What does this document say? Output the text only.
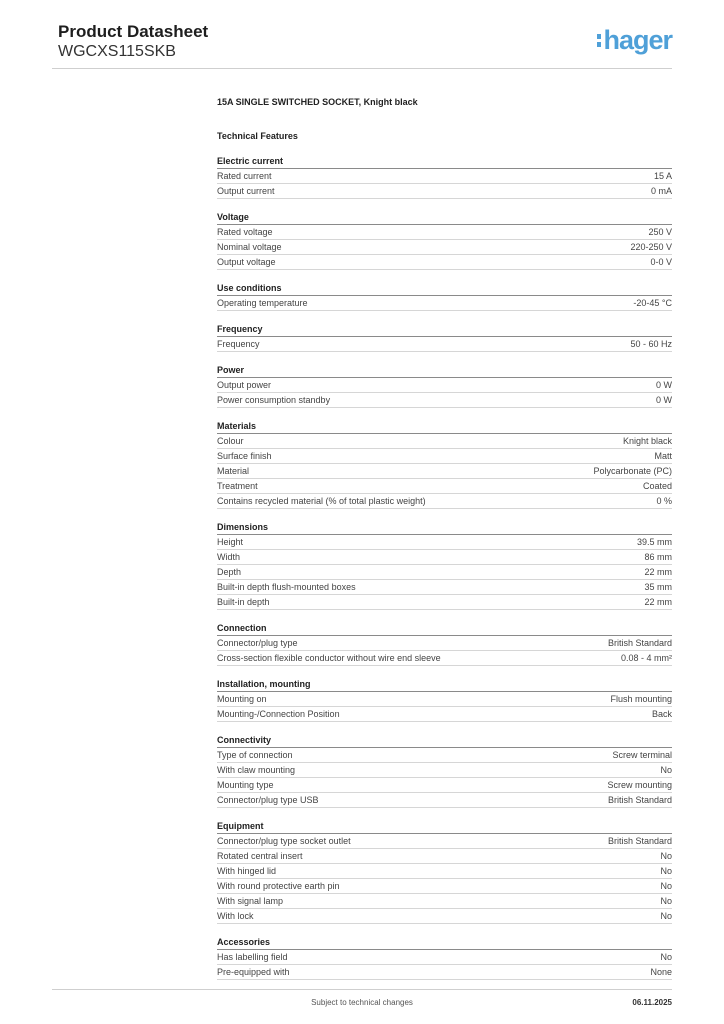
Product Datasheet
WGCXS115SKB	hager
15A SINGLE SWITCHED SOCKET, Knight black
Technical Features
Electric current
Rated current	15 A
Output current	0 mA
Voltage
Rated voltage	250 V
Nominal voltage	220-250 V
Output voltage	0-0 V
Use conditions
Operating temperature	-20-45 °C
Frequency
Frequency	50 - 60 Hz
Power
Output power	0 W
Power consumption standby	0 W
Materials
Colour	Knight black
Surface finish	Matt
Material	Polycarbonate (PC)
Treatment	Coated
Contains recycled material (% of total plastic weight)	0 %
Dimensions
Height	39.5 mm
Width	86 mm
Depth	22 mm
Built-in depth flush-mounted boxes	35 mm
Built-in depth	22 mm
Connection
Connector/plug type	British Standard
Cross-section flexible conductor without wire end sleeve	0.08 - 4 mm²
Installation, mounting
Mounting on	Flush mounting
Mounting-/Connection Position	Back
Connectivity
Type of connection	Screw terminal
With claw mounting	No
Mounting type	Screw mounting
Connector/plug type USB	British Standard
Equipment
Connector/plug type socket outlet	British Standard
Rotated central insert	No
With hinged lid	No
With round protective earth pin	No
With signal lamp	No
With lock	No
Accessories
Has labelling field	No
Pre-equipped with	None
Subject to technical changes	06.11.2025
